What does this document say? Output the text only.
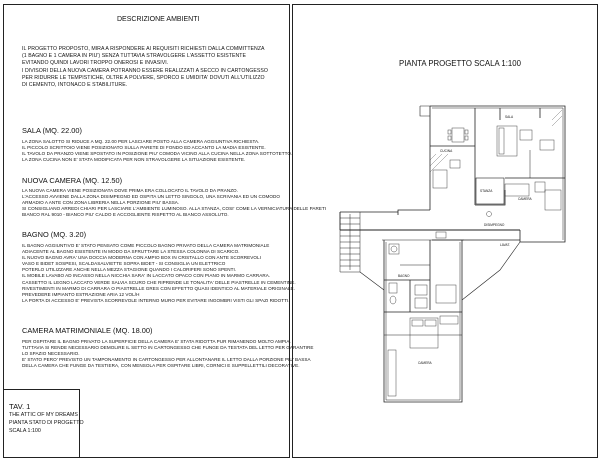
DESCRIZIONE AMBIENTI
IL PROGETTO PROPOSTO, MIRA A RISPONDERE AI REQUISITI RICHIESTI DALLA COMMITTENZA
(1 BAGNO E 1 CAMERA IN PIU') SENZA TUTTAVIA STRAVOLGERE L'ASSETTO ESISTENTE
EVITANDO QUINDI LAVORI TROPPO ONEROSI E INVASIVI.
I DIVISORI DELLA NUOVA CAMERA POTRANNO ESSERE REALIZZATI A SECCO IN CARTONGESSO
PER RIDURRE LE TEMPISTICHE, OLTRE A POLVERE, SPORCO E UMIDITA' DOVUTI ALL'UTILIZZO
DI CEMENTO, INTONACO E STABILITURE.
SALA (MQ. 22.00)
LA ZONA SALOTTO SI RIDUCE A MQ. 22.00 PER LASCIARE POSTO ALLA CAMERA AGGIUNTIVA RICHIESTA.
IL PICCOLO SCRITTOIO VIENE POSIZIONATO SULLA PARETE DI FONDO ED ACCANTO LA MADIA ESISTENTE.
IL TAVOLO DA PRANZO VIENE SPOSTATO IN POSIZIONE PIU' COMODA VICINO ALLA CUCINA NELLA ZONA SOTTOTETTO.
LA ZONA CUCINA NON E' STATA MODIFICATA PER NON STRAVOLGERE LA SITUAZIONE ESISTENTE.
NUOVA CAMERA (MQ. 12.50)
LA NUOVA CAMERA VIENE POSIZIONATA DOVE PRIMA ERA COLLOCATO IL TAVOLO DA PRANZO.
L'ACCESSO AVVIENE DALLA ZONA DISIMPEGNO ED OSPITA UN LETTO SINGOLO, UNA SCRIVANIA ED UN COMODO
ARMADIO A ANTE CON ZONA LIBRERIA NELLA PORZIONE PIU' BASSA.
SI CONSIGLIANO ARREDI CHIARI PER LASCIARE L'AMBIENTE LUMINOSO. ALLA STANZA, COSI' COME LA VERNICIATURA DELLE PARETI
BIANCO RAL 9010 - BIANCO PIU' CALDO E ACCOGLIENTE RISPETTO AL BIANCO ASSOLUTO.
BAGNO (MQ. 3.20)
IL BAGNO AGGIUNTIVO E' STATO PENSATO COME PICCOLO BAGNO PRIVATO DELLA CAMERA MATRIMONIALE
ADIACENTE AL BAGNO ESISTENTE IN MODO DA SFRUTTARE LA STESSA COLONNA DI SCARICO.
IL NUOVO BAGNO AVRA' UNA DOCCIA MODERNA CON AMPIO BOX IN CRISTALLO CON ANTE SCORREVOLI
VASO E BIDET SOSPESI, SCALDASALVIETTE SOPRA BIDET - SI CONSIGLIA UN ELETTRICO
POTERLO UTILIZZARE ANCHE NELLA MEZZA STAGIONE QUANDO I CALORIFERI SONO SPENTI.
IL MOBILE LAVABO AD INCASSO NELLA NICCHIA SARA' IN LACCATO OPACO CON PIANO IN MARMO CARRARA.
CASSETTO IL LEGNO LACCATO VERDE SALVIA SCURO CHE RIPRENDE LE TONALITA' DELLE PIASTRELLE IN CEMENTINE.
RIVESTIMENTI IN MARMO DI CARRARA O PIASTRELLE GRES CON EFFETTO QUASI IDENTICO AL MATERIALE ORIGINALE.
PREVEDERE IMPIANTO ESTRAZIONE ARIA 12 VOL/H
LA PORTA DI ACCESSO E' PREVISTA SCORREVOLE INTERNO MURO PER EVITARE INGOMBRI VISTI GLI SPAZI RIDOTTI.
CAMERA MATRIMONIALE (MQ. 18.00)
PER OSPITARE IL BAGNO PRIVATO LA SUPERFICIE DELLA CAMERA E' STATA RIDOTTA PUR RIMANENDO MOLTO AMPIA.
TUTTAVIA SI RENDE NECESSARIO DEMOLIRE IL SETTO IN CARTONGESSO CHE FUNGE DA TESTATA DEL LETTO PER GARANTIRE
LO SPAZIO NECESSARIO.
E' STATO PERO' PREVISTO UN TAMPONAMENTO IN CARTONGESSO PER ALLONTANARE IL LETTO DALLA PORZIONE PIU' BASSA
DELLA CAMERA CHE FUNGE DA TESTIERA, CON MENSOLA PER OSPITARE LIBRI, CORNICI E SUPPELLETTILI DECORATIVE.
TAV. 1
THE ATTIC OF MY DREAMS
PIANTA STATO DI PROGETTO
SCALA 1:100
PIANTA PROGETTO SCALA 1:100
SALA
CUCINA
DISIMPEGNO
BAGNO
CAMERA
CAMERA
STANZA
LAVAT.
